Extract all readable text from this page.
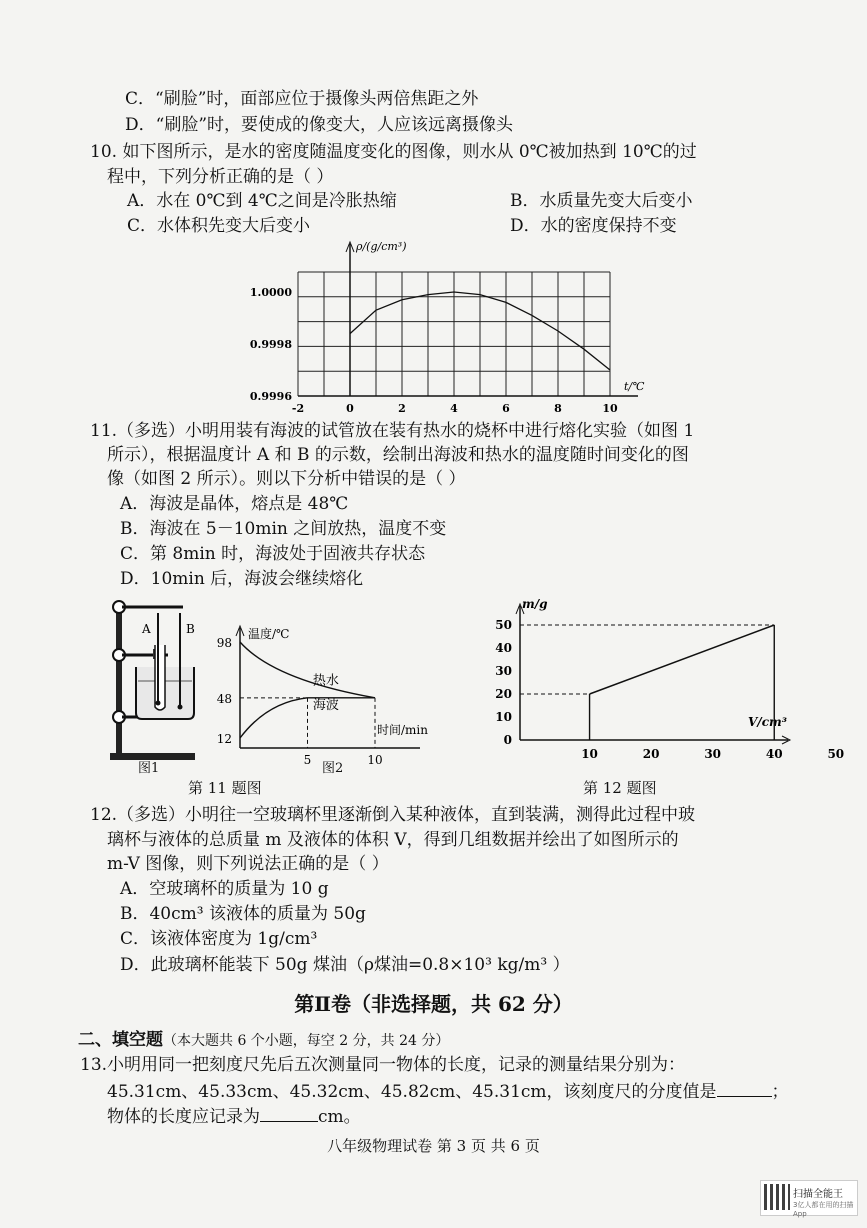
C．“刷脸”时，面部应位于摄像头两倍焦距之外
D．“刷脸”时，要使成的像变大，人应该远离摄像头
10. 如下图所示，是水的密度随温度变化的图像，则水从 0℃被加热到 10℃的过
程中，下列分析正确的是（ ）
A．水在 0℃到 4℃之间是冷胀热缩	B．水质量先变大后变小
C．水体积先变大后变小	D．水的密度保持不变
ρ/(g/cm³)
t/℃
-2	0	2	4	6	8	10
1.0000
0.9998
0.9996
11.（多选）小明用装有海波的试管放在装有热水的烧杯中进行熔化实验（如图 1
所示），根据温度计 A 和 B 的示数，绘制出海波和热水的温度随时间变化的图
像（如图 2 所示）。则以下分析中错误的是（ ）
A．海波是晶体，熔点是 48℃
B．海波在 5－10min 之间放热，温度不变
C．第 8min 时，海波处于固液共存状态
D．10min 后，海波会继续熔化
A	B
图1
温度/℃
时间/min
98
48
12
5	10
热水
海波
图2
第 11 题图
m/g
V/cm³
0
10
20
30
40
50
10	20	30	40	50
第 12 题图
12.（多选）小明往一空玻璃杯里逐渐倒入某种液体，直到装满，测得此过程中玻
璃杯与液体的总质量 m 及液体的体积 V，得到几组数据并绘出了如图所示的
m-V 图像，则下列说法正确的是（ ）
A．空玻璃杯的质量为 10 g
B．40cm³ 该液体的质量为 50g
C．该液体密度为 1g/cm³
D．此玻璃杯能装下 50g 煤油（ρ煤油=0.8×10³ kg/m³ ）
第Ⅱ卷（非选择题，共 62 分）
二、填空题（本大题共 6 个小题，每空 2 分，共 24 分）
13.小明用同一把刻度尺先后五次测量同一物体的长度，记录的测量结果分别为：
45.31cm、45.33cm、45.32cm、45.82cm、45.31cm，该刻度尺的分度值是	；
物体的长度应记录为	cm。
八年级物理试卷 第 3 页 共 6 页
扫描全能王
3亿人都在用的扫描App
